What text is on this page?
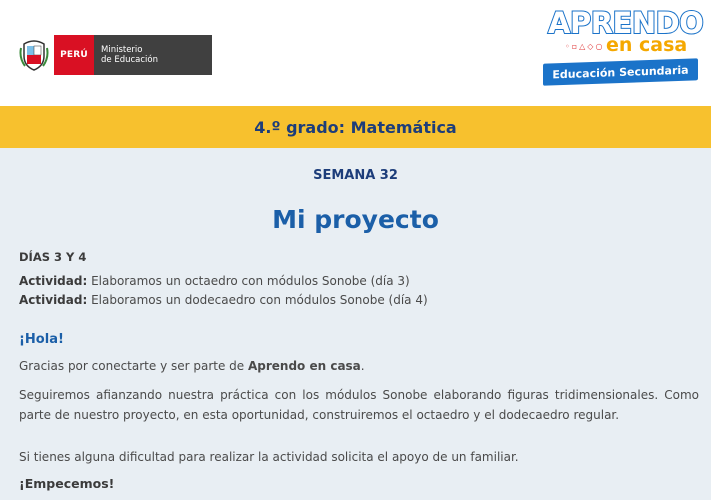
PERÚ	Ministerio
de Educación
APRENDO
◦▫△◇○ en casa
Educación Secundaria
4.º grado: Matemática
SEMANA 32
Mi proyecto
DÍAS 3 Y 4
Actividad: Elaboramos un octaedro con módulos Sonobe (día 3)
Actividad: Elaboramos un dodecaedro con módulos Sonobe (día 4)
¡Hola!
Gracias por conectarte y ser parte de Aprendo en casa.
Seguiremos afianzando nuestra práctica con los módulos Sonobe elaborando figuras tridimensionales. Como parte de nuestro proyecto, en esta oportunidad, construiremos el octaedro y el dodecaedro regular.
Si tienes alguna dificultad para realizar la actividad solicita el apoyo de un familiar.
¡Empecemos!
